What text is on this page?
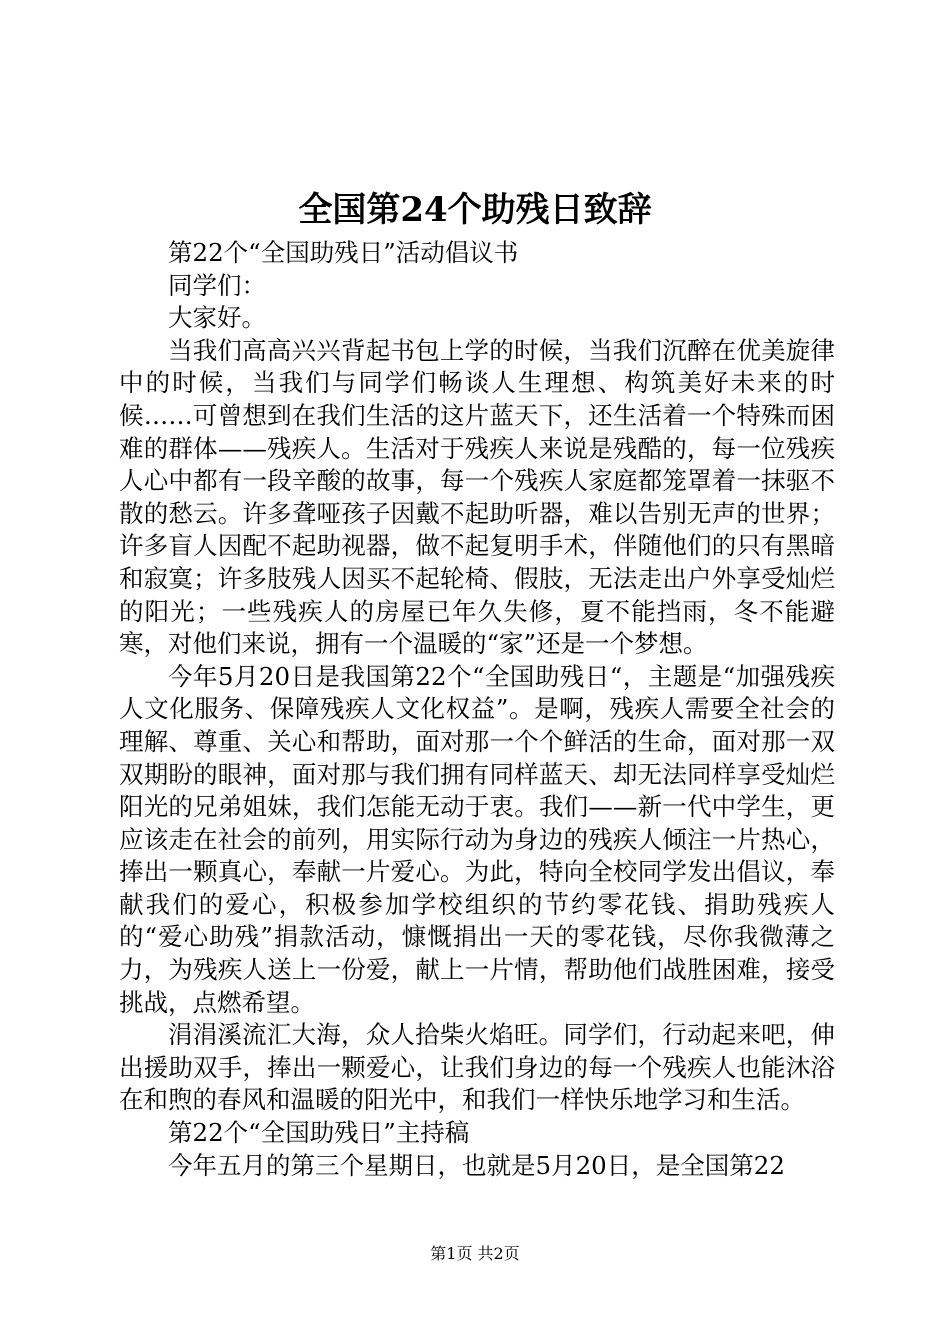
全国第24个助残日致辞

第22个“全国助残日”活动倡议书

同学们：

大家好。

当我们高高兴兴背起书包上学的时候，当我们沉醉在优美旋律中的时候，当我们与同学们畅谈人生理想、构筑美好未来的时候……可曾想到在我们生活的这片蓝天下，还生活着一个特殊而困难的群体——残疾人。生活对于残疾人来说是残酷的，每一位残疾人心中都有一段辛酸的故事，每一个残疾人家庭都笼罩着一抹驱不散的愁云。许多聋哑孩子因戴不起助听器，难以告别无声的世界；许多盲人因配不起助视器，做不起复明手术，伴随他们的只有黑暗和寂寞；许多肢残人因买不起轮椅、假肢，无法走出户外享受灿烂的阳光；一些残疾人的房屋已年久失修，夏不能挡雨，冬不能避寒，对他们来说，拥有一个温暖的“家”还是一个梦想。

今年5月20日是我国第22个“全国助残日“，主题是“加强残疾人文化服务、保障残疾人文化权益”。是啊，残疾人需要全社会的理解、尊重、关心和帮助，面对那一个个鲜活的生命，面对那一双双期盼的眼神，面对那与我们拥有同样蓝天、却无法同样享受灿烂阳光的兄弟姐妹，我们怎能无动于衷。我们——新一代中学生，更应该走在社会的前列，用实际行动为身边的残疾人倾注一片热心，捧出一颗真心，奉献一片爱心。为此，特向全校同学发出倡议，奉献我们的爱心，积极参加学校组织的节约零花钱、捐助残疾人的“爱心助残”捐款活动，慷慨捐出一天的零花钱，尽你我微薄之力，为残疾人送上一份爱，献上一片情，帮助他们战胜困难，接受挑战，点燃希望。

涓涓溪流汇大海，众人拾柴火焰旺。同学们，行动起来吧，伸出援助双手，捧出一颗爱心，让我们身边的每一个残疾人也能沐浴在和煦的春风和温暖的阳光中，和我们一样快乐地学习和生活。

第22个“全国助残日”主持稿

今年五月的第三个星期日，也就是5月20日，是全国第22

第1页 共2页
